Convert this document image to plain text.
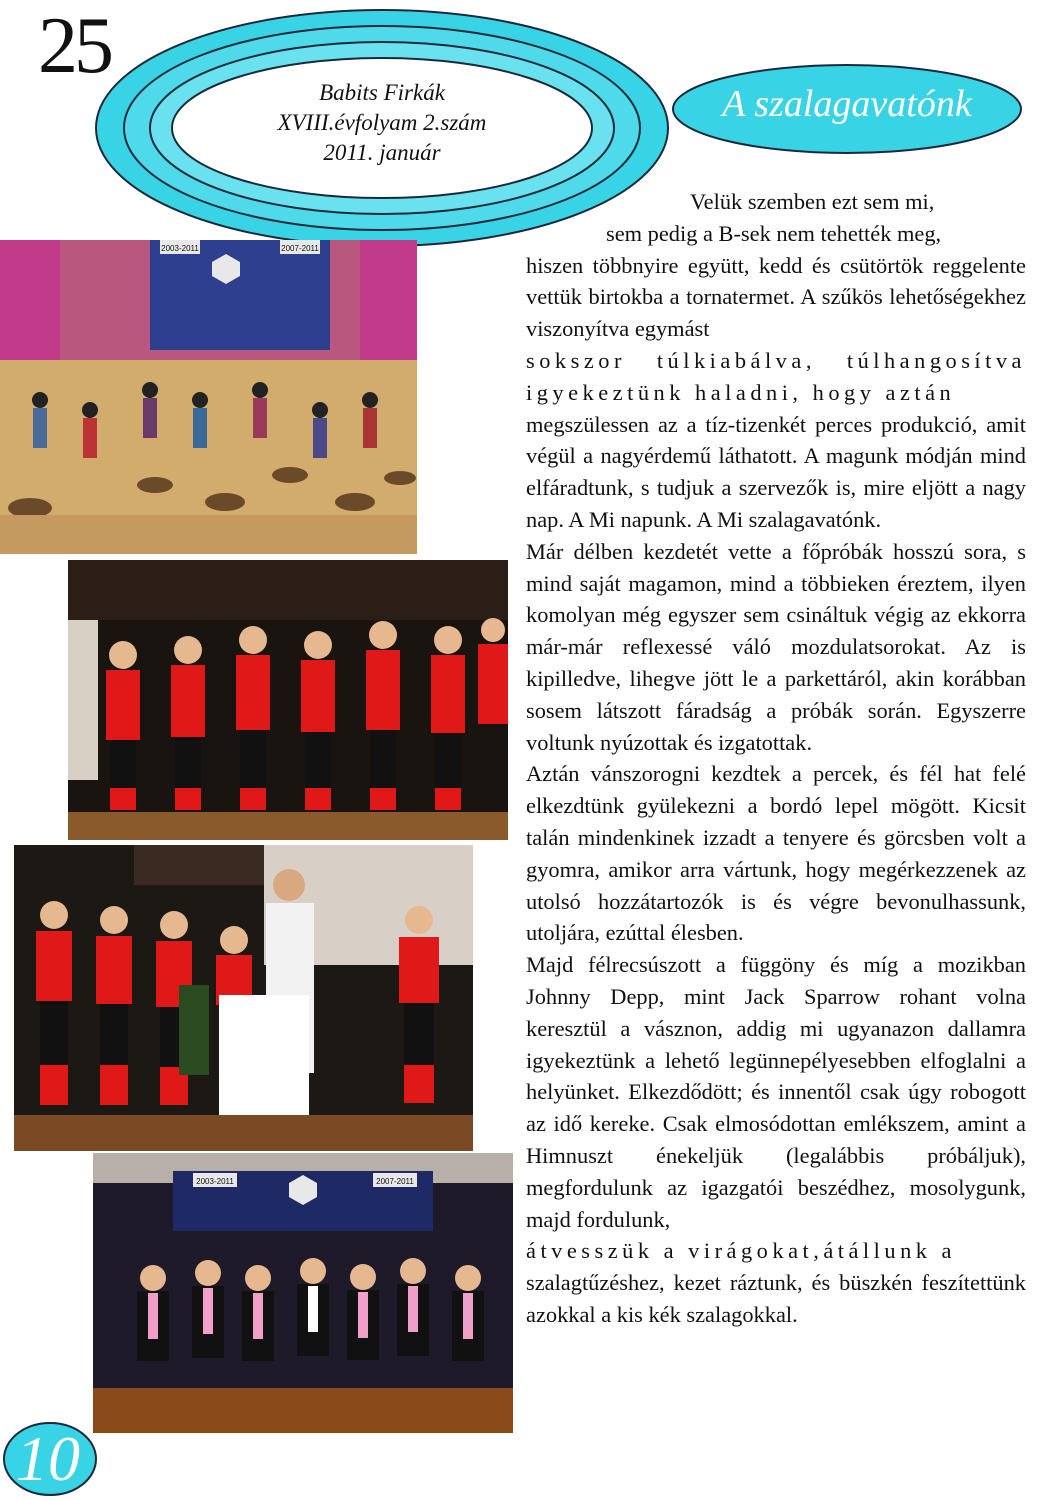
25
Babits Firkák
XVIII.évfolyam 2.szám
2011. január
A szalagavatónk
2003-2011	2007-2011
2003-2011	2007-2011

Velük szemben ezt sem mi,

sem pedig a B-sek nem tehették meg,

hiszen többnyire együtt, kedd és csütörtök reggelente vettük birtokba a tornatermet. A szűkös lehetőségekhez viszonyítva egymást

sokszor túlkiabálva, túlhangosítva igyekeztünk haladni, hogy aztán

megszülessen az a tíz-tizenkét perces produkció, amit végül a nagyérdemű láthatott. A magunk módján mind elfáradtunk, s tudjuk a szervezők is, mire eljött a nagy nap. A Mi napunk. A Mi szalagavatónk.

Már délben kezdetét vette a főpróbák hosszú sora, s mind saját magamon, mind a többieken éreztem, ilyen komolyan még egyszer sem csináltuk végig az ekkorra már-már reflexessé váló mozdulatsorokat. Az is kipilledve, lihegve jött le a parkettáról, akin korábban sosem látszott fáradság a próbák során. Egyszerre voltunk nyúzottak és izgatottak.

Aztán vánszorogni kezdtek a percek, és fél hat felé elkezdtünk gyülekezni a bordó lepel mögött. Kicsit talán mindenkinek izzadt a tenyere és görcsben volt a gyomra, amikor arra vártunk, hogy megérkezzenek az utolsó hozzátartozók is és végre bevonulhassunk, utoljára, ezúttal élesben.

Majd félrecsúszott a függöny és míg a mozikban Johnny Depp, mint Jack Sparrow rohant volna keresztül a vásznon, addig mi ugyanazon dallamra igyekeztünk a lehető legünnepélyesebben elfoglalni a helyünket. Elkezdődött; és innentől csak úgy robogott az idő kereke. Csak elmosódottan emlékszem, amint a Himnuszt énekeljük (legalábbis próbáljuk), megfordulunk az igazgatói beszédhez, mosolygunk, majd fordulunk,

átvesszük a virágokat,átállunk a

szalagtűzéshez, kezet ráztunk, és büszkén feszítettünk azokkal a kis kék szalagokkal.

10
